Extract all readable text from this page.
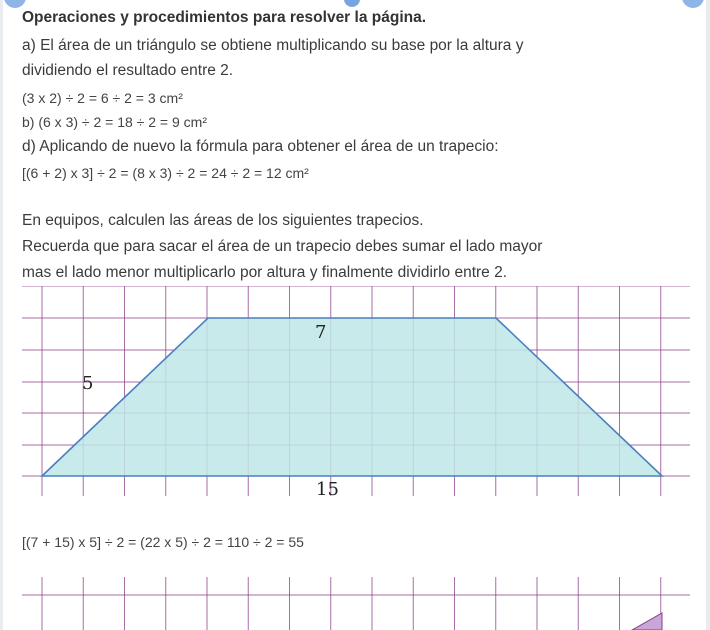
Operaciones y procedimientos para resolver la página.
a) El área de un triángulo se obtiene multiplicando su base por la altura y
dividiendo el resultado entre 2.
(3 x 2) ÷ 2 = 6 ÷ 2 = 3 cm²
b) (6 x 3) ÷ 2 = 18 ÷ 2 = 9 cm²
d) Aplicando de nuevo la fórmula para obtener el área de un trapecio:
[(6 + 2) x 3] ÷ 2 = (8 x 3) ÷ 2 = 24 ÷ 2 = 12 cm²
En equipos, calculen las áreas de los siguientes trapecios.
Recuerda que para sacar el área de un trapecio debes sumar el lado mayor
mas el lado menor multiplicarlo por altura y finalmente dividirlo entre 2.
7
5
15
[(7 + 15) x 5] ÷ 2 = (22 x 5) ÷ 2 = 110 ÷ 2 = 55
